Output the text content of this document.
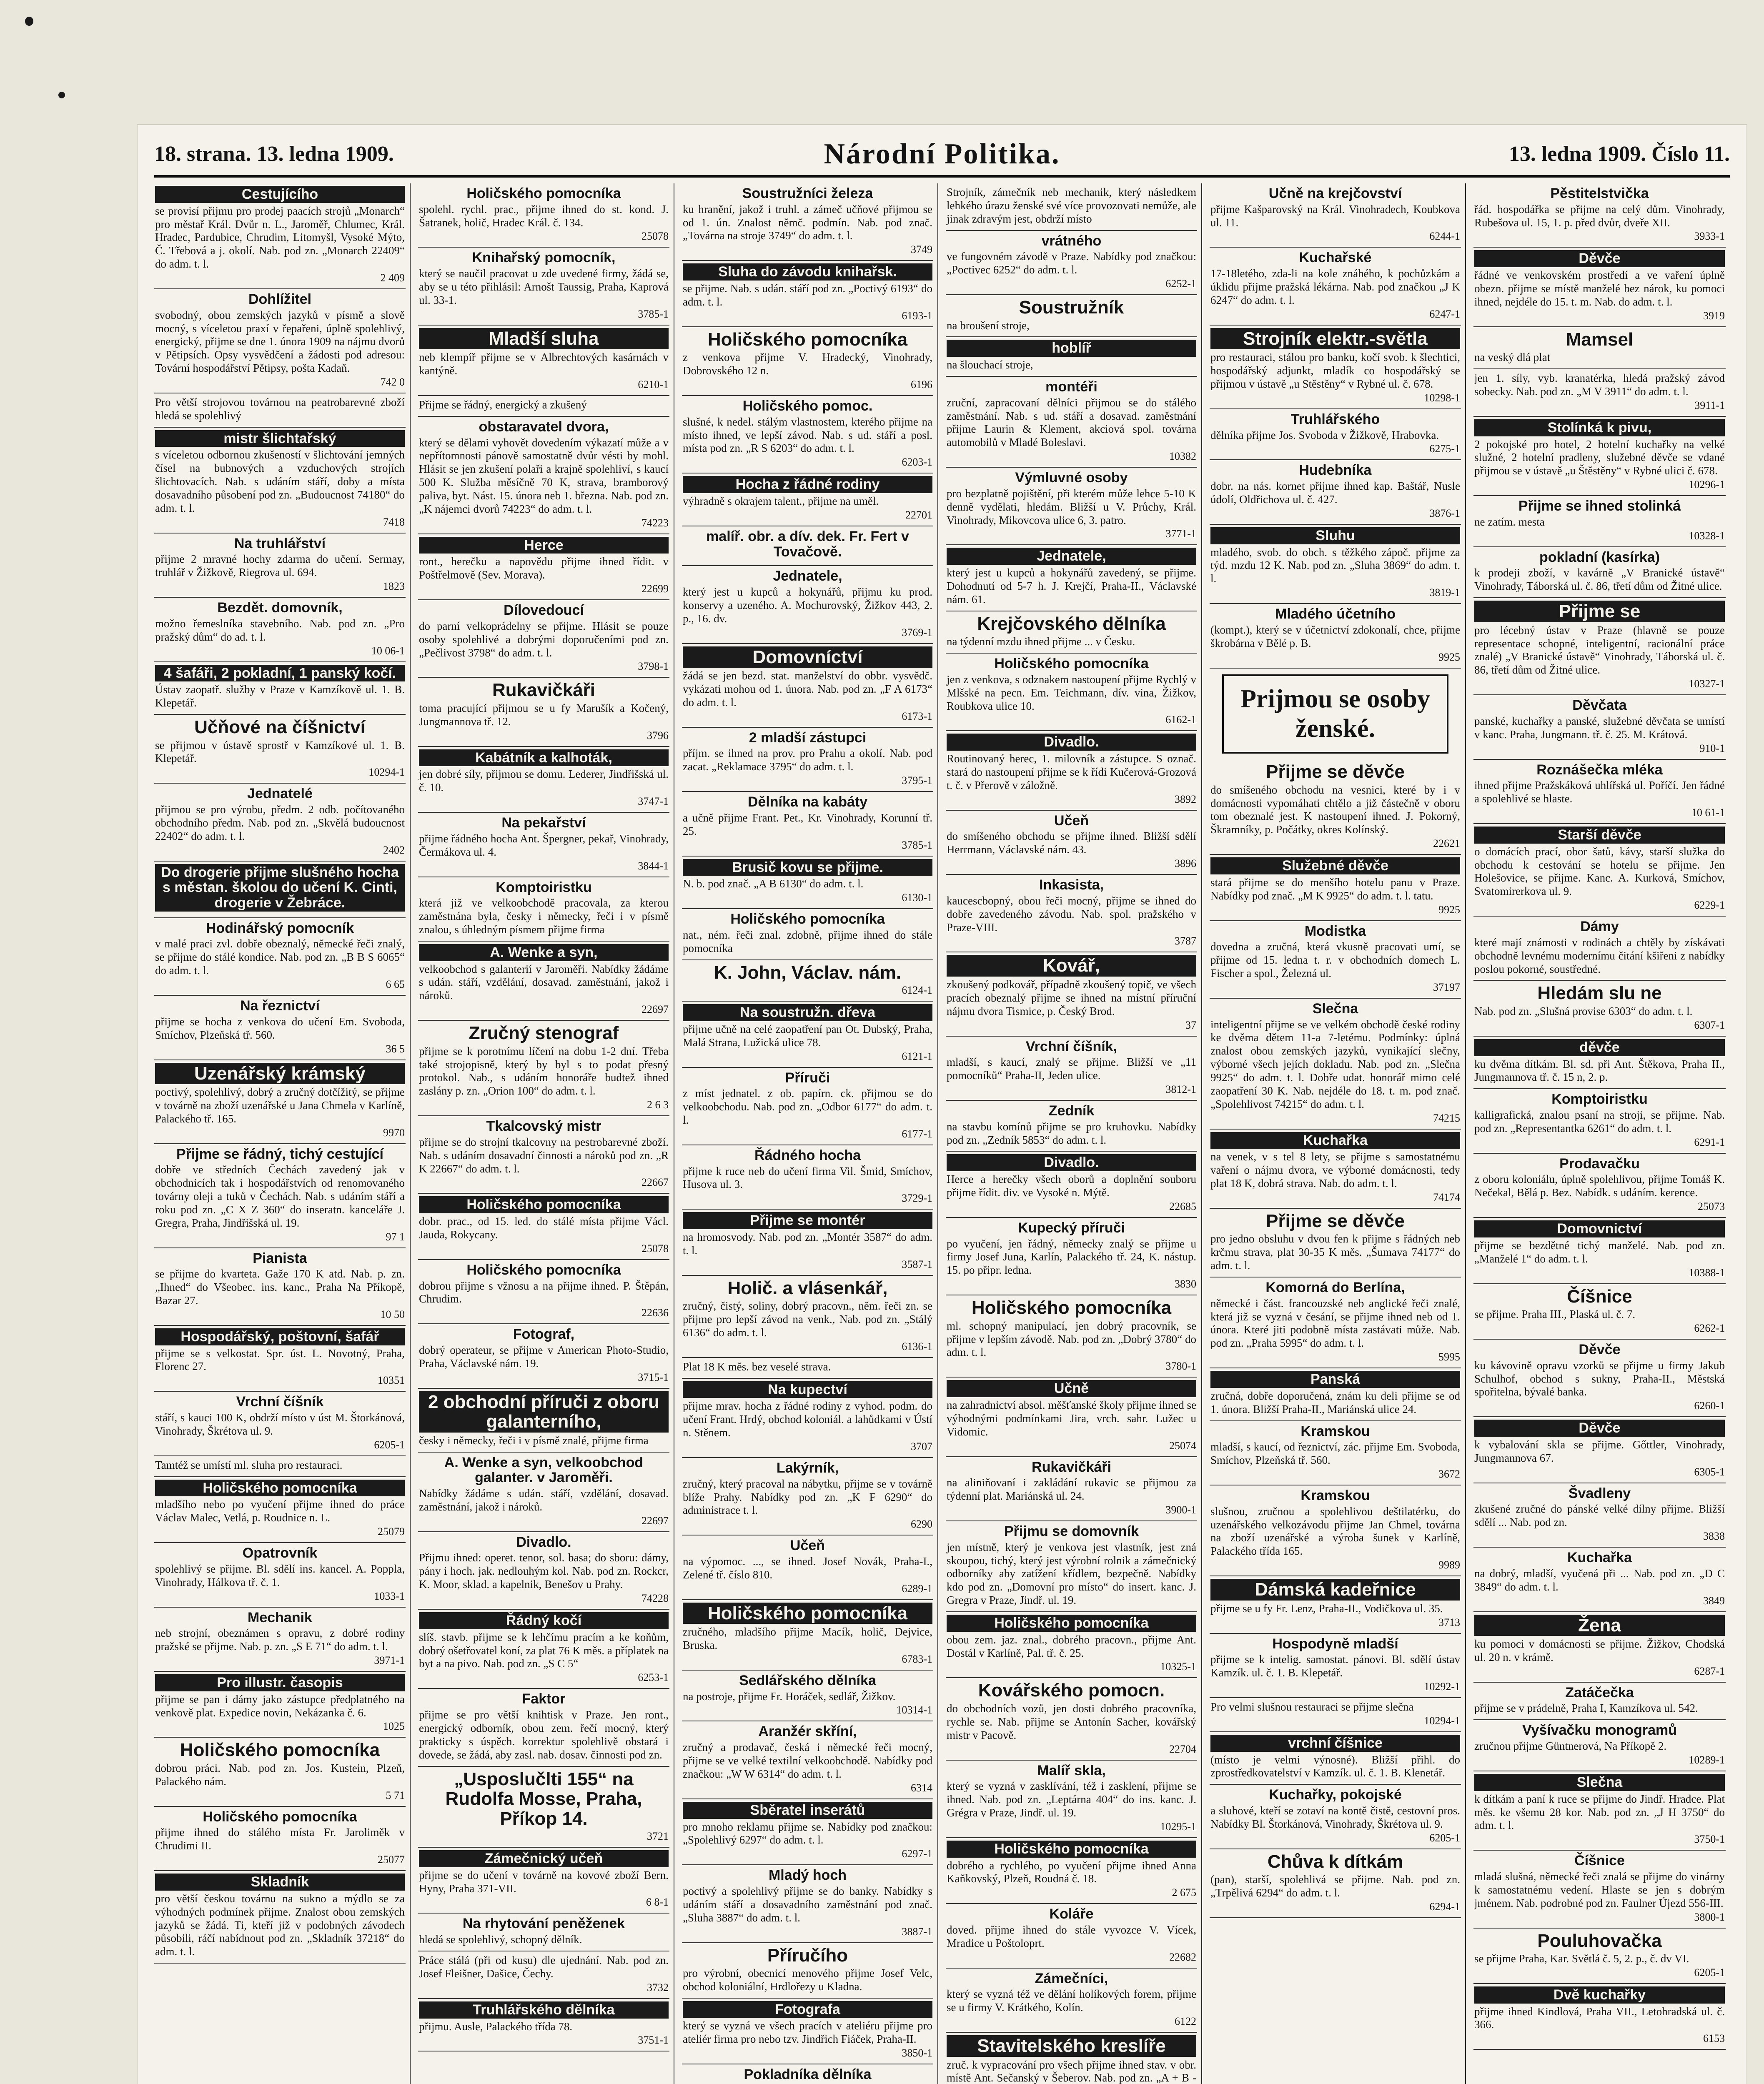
18. strana. 13. ledna 1909.	Národní Politika.	13. ledna 1909. Číslo 11.
Cestujícího
se provisí přijmu pro prodej paacích strojů „Monarch“ pro městař Král. Dvůr n. L., Jaroměř, Chlumec, Král. Hradec, Pardubice, Chrudim, Litomyšl, Vysoké Mýto, Č. Třebová a j. okolí. Nab. pod zn. „Monarch 22409“ do adm. t. l.
2 409
Dohlížitel
svobodný, obou zemských jazyků v písmě a slově mocný, s víceletou praxí v řepařeni, úplně spolehlivý, energický, přijme se dne 1. února 1909 na nájmu dvorů v Pětipsích. Opsy vysvědčení a žádosti pod adresou: Tovární hospodářství Pětipsy, pošta Kadaň.
742 0
Pro větší strojovou továrnou na peatrobarevné zboží hledá se spolehlivý
mistr šlichtařský
s víceletou odbornou zkušeností v šlichtování jemných čísel na bubnových a vzduchových strojích šlichtovacích. Nab. s udáním stáří, doby a místa dosavadního působení pod zn. „Budoucnost 74180“ do adm. t. l.
7418
Na truhlářství
přijme 2 mravné hochy zdarma do učení. Sermay, truhlář v Žižkově, Riegrova ul. 694.
1823
Bezdět. domovník,
možno řemeslníka stavebního. Nab. pod zn. „Pro pražský dům“ do ad. t. l.
10 06-1
4 šafáři, 2 pokladní, 1 panský kočí.
Ústav zaopatř. služby v Praze v Kamzíkově ul. 1. B. Klepetář.
Učňové na číšnictví
se přijmou v ústavě sprostř v Kamzíkové ul. 1. B. Klepetář.
10294-1
Jednatelé
přijmou se pro výrobu, předm. 2 odb. počítovaného obchodního předm. Nab. pod zn. „Skvělá budoucnost 22402“ do adm. t. l.
2402
Do drogerie přijme slušného hocha s městan. školou do učení K. Cinti, drogerie v Žebráce.
Hodinářský pomocník
v malé praci zvl. dobře obeznalý, německé řeči znalý, se přijme do stálé kondice. Nab. pod zn. „B B S 6065“ do adm. t. l.
6 65
Na řeznictví
přijme se hocha z venkova do učení Em. Svoboda, Smíchov, Plzeňská tř. 560.
36 5
Uzenářský krámský
poctivý, spolehlivý, dobrý a zručný dotčížitý, se přijme v továrně na zboží uzenářské u Jana Chmela v Karlíně, Palackého tř. 165.
9970
Přijme se řádný, tichý cestující
dobře ve středních Čechách zavedený jak v obchodnicích tak i hospodářstvích od renomovaného továrny oleji a tuků v Čechách. Nab. s udáním stáří a roku pod zn. „C X Z 360“ do inseratn. kanceláře J. Gregra, Praha, Jindřišská ul. 19.
97 1
Pianista
se přijme do kvarteta. Gaže 170 K atd. Nab. p. zn. „Ihned“ do Všeobec. ins. kanc., Praha Na Příkopě, Bazar 27.
10 50
Hospodářský, poštovní, šafář
přijme se s velkostat. Spr. úst. L. Novotný, Praha, Florenc 27.
10351
Vrchní číšník
stáří, s kauci 100 K, obdrží místo v úst M. Štorkánová, Vinohrady, Škrétova ul. 9.
6205-1
Tamtéž se umístí ml. sluha pro restauraci.
Holičského pomocníka
mladšího nebo po vyučení přijme ihned do práce Václav Malec, Vetlá, p. Roudnice n. L.
25079
Opatrovník
spolehlivý se přijme. Bl. sdělí ins. kancel. A. Poppla, Vinohrady, Hálkova tř. č. 1.
1033-1
Mechanik
neb strojní, obeznámen s opravu, z dobré rodiny pražské se přijme. Nab. p. zn. „S E 71“ do adm. t. l.
3971-1
Pro illustr. časopis
přijme se pan i dámy jako zástupce předplatného na venkově plat. Expedice novin, Nekázanka č. 6.
1025
Holičského pomocníka
dobrou práci. Nab. pod zn. Jos. Kustein, Plzeň, Palackého nám.
5 71
Holičského pomocníka
přijme ihned do stálého místa Fr. Jaroliměk v Chrudimi II.
25077
Skladník
pro větší českou továrnu na sukno a mýdlo se za výhodných podmínek přijme. Znalost obou zemských jazyků se žádá. Ti, kteří již v podobných závodech působili, ráčí nabídnout pod zn. „Skladník 37218“ do adm. t. l.
Holičského pomocníka
spolehl. rychl. prac., přijme ihned do st. kond. J. Šatranek, holič, Hradec Král. č. 134.
25078
Knihařský pomocník,
který se naučil pracovat u zde uvedené firmy, žádá se, aby se u této přihlásil: Arnošt Taussig, Praha, Kaprová ul. 33-1.
3785-1
Mladší sluha
neb klempíř přijme se v Albrechtových kasárnách v kantýně.
6210-1
Přijme se řádný, energický a zkušený
obstaravatel dvora,
který se dělami vyhovět dovedením výkazatí může a v nepřítomnosti pánově samostatně dvůr vésti by mohl. Hlásit se jen zkušení polaři a krajně spolehliví, s kaucí 500 K. Služba měsíčně 70 K, strava, bramborový paliva, byt. Nást. 15. února neb 1. března. Nab. pod zn. „K nájemci dvorů 74223“ do adm. t. l.
74223
Herce
ront., herečku a napovědu přijme ihned řídit. v Poštřelmově (Sev. Morava).
22699
Dílovedoucí
do parní velkoprádelny se přijme. Hlásit se pouze osoby spolehlivé a dobrými doporučeními pod zn. „Pečlivost 3798“ do adm. t. l.
3798-1
Rukavičkáři
toma pracující přijmou se u fy Marušík a Kočený, Jungmannova tř. 12.
3796
Kabátník a kalhoták,
jen dobré síly, přijmou se domu. Lederer, Jindřišská ul. č. 10.
3747-1
Na pekařství
přijme řádného hocha Ant. Špergner, pekař, Vinohrady, Čermákova ul. 4.
3844-1
Komptoiristku
která již ve velkoobchodě pracovala, za kterou zaměstnána byla, česky i německy, řeči i v písmě znalou, s úhledným písmem přijme firma
A. Wenke a syn,
velkoobchod s galanterií v Jaroměři. Nabídky žádáme s udán. stáří, vzdělání, dosavad. zaměstnání, jakož i nároků.
22697
Zručný stenograf
přijme se k porotnímu líčení na dobu 1-2 dní. Třeba také strojopisně, který by byl s to podat přesný protokol. Nab., s udáním honoráře budtež ihned zaslány p. zn. „Orion 100“ do adm. t. l.
2 6 3
Tkalcovský mistr
přijme se do strojní tkalcovny na pestrobarevné zboží. Nab. s udáním dosavadní činnosti a nároků pod zn. „R K 22667“ do adm. t. l.
22667
Holičského pomocníka
dobr. prac., od 15. led. do stálé místa přijme Václ. Jauda, Rokycany.
25078
Holičského pomocníka
dobrou přijme s vžnosu a na přijme ihned. P. Štěpán, Chrudim.
22636
Fotograf,
dobrý operateur, se přijme v American Photo-Studio, Praha, Václavské nám. 19.
3715-1
2 obchodní příruči z oboru galanterního,
česky i německy, řeči i v písmě znalé, přijme firma
A. Wenke a syn, velkoobchod galanter. v Jaroměři.
Nabídky žádáme s udán. stáří, vzdělání, dosavad. zaměstnání, jakož i nároků.
22697
Divadlo.
Přijmu ihned: operet. tenor, sol. basa; do sboru: dámy, pány i hoch. jak. nedlouhým kol. Nab. pod zn. Rockcr, K. Moor, sklad. a kapelnik, Benešov u Prahy.
74228
Řádný kočí
slíš. stavb. přijme se k lehčímu pracím a ke koňům, dobrý ošetřovatel koní, za plat 76 K měs. a příplatek na byt a na pivo. Nab. pod zn. „S C 5“
6253-1
Faktor
přijme se pro větší knihtisk v Praze. Jen ront., energický odborník, obou zem. řečí mocný, který prakticky s úspěch. korrektur spolehlivě obstará i dovede, se žádá, aby zasl. nab. dosav. činnosti pod zn.
„Usposlučlti 155“ na Rudolfa Mosse, Praha, Příkop 14.
3721
Zámečnický učeň
přijme se do učení v továrně na kovové zboží Bern. Hyny, Praha 371-VII.
6 8-1
Na rhytování peněženek
hledá se spolehlivý, schopný dělník.
Práce stálá (při od kusu) dle ujednání. Nab. pod zn. Josef Fleišner, Dašice, Čechy.
3732
Truhlářského dělníka
přijmu. Ausle, Palackého třída 78.
3751-1
Soustružníci železa
ku hranění, jakož i truhl. a zámeč učňové přijmou se od 1. ún. Znalost němč. podmín. Nab. pod znač. „Továrna na stroje 3749“ do adm. t. l.
3749
Sluha do závodu knihařsk.
se přijme. Nab. s udán. stáří pod zn. „Poctivý 6193“ do adm. t. l.
6193-1
Holičského pomocníka
z venkova přijme V. Hradecký, Vinohrady, Dobrovského 12 n.
6196
Holičského pomoc.
slušné, k nedel. stálým vlastnostem, kterého přijme na místo ihned, ve lepší závod. Nab. s ud. stáří a posl. místa pod zn. „R S 6203“ do adm. t. l.
6203-1
Hocha z řádné rodiny
výhradně s okrajem talent., přijme na uměl.
22701
malíř. obr. a dív. dek. Fr. Fert v Tovačově.
Jednatele,
který jest u kupců a hokynářů, přijmu ku prod. konservy a uzeného. A. Mochurovský, Žižkov 443, 2. p., 16. dv.
3769-1
Domovníctví
žádá se jen bezd. stat. manželství do obbr. vysvědč. vykázati mohou od 1. února. Nab. pod zn. „F A 6173“ do adm. t. l.
6173-1
2 mladší zástupci
příjm. se ihned na prov. pro Prahu a okolí. Nab. pod zacat. „Reklamace 3795“ do adm. t. l.
3795-1
Dělníka na kabáty
a učně přijme Frant. Pet., Kr. Vinohrady, Korunní tř. 25.
3785-1
Brusič kovu se přijme.
N. b. pod znač. „A B 6130“ do adm. t. l.
6130-1
Holičského pomocníka
nat., ném. řeči znal. zdobně, přijme ihned do stále pomocníka
K. John, Václav. nám.
6124-1
Na soustružn. dřeva
přijme učně na celé zaopatření pan Ot. Dubský, Praha, Malá Strana, Lužická ulice 78.
6121-1
Příruči
z míst jednatel. z ob. papírn. ck. přijmou se do velkoobchodu. Nab. pod zn. „Odbor 6177“ do adm. t. l.
6177-1
Řádného hocha
přijme k ruce neb do učení firma Vil. Šmid, Smíchov, Husova ul. 3.
3729-1
Přijme se montér
na hromosvody. Nab. pod zn. „Montér 3587“ do adm. t. l.
3587-1
Holič. a vlásenkář,
zručný, čistý, soliny, dobrý pracovn., něm. řeči zn. se přijme pro lepší závod na venk., Nab. pod zn. „Stálý 6136“ do adm. t. l.
6136-1
Plat 18 K měs. bez veselé strava.
Na kupectví
přijme mrav. hocha z řádné rodiny z vyhod. podm. do učení Frant. Hrdý, obchod koloniál. a lahůdkami v Ústí n. Stěnem.
3707
Lakýrník,
zručný, který pracoval na nábytku, přijme se v továrně blíže Prahy. Nabídky pod zn. „K F 6290“ do administrace t. l.
6290
Učeň
na výpomoc. ..., se ihned. Josef Novák, Praha-I., Zelené tř. číslo 810.
6289-1
Holičského pomocníka
zručného, mladšího přijme Macík, holič, Dejvice, Bruska.
6783-1
Sedlářského dělníka
na postroje, přijme Fr. Horáček, sedlář, Žižkov.
10314-1
Aranžér skříní,
zručný a prodavač, česká i německé řeči mocný, přijme se ve velké textilní velkoobchodě. Nabídky pod značkou: „W W 6314“ do adm. t. l.
6314
Sběratel inserátů
pro mnoho reklamu přijme se. Nabídky pod značkou: „Spolehlivý 6297“ do adm. t. l.
6297-1
Mladý hoch
poctivý a spolehlivý přijme se do banky. Nabídky s udáním stáří a dosavadního zaměstnání pod znač. „Sluha 3887“ do adm. t. l.
3887-1
Příručího
pro výrobní, obecnicí menového přijme Josef Velc, obchod koloniální, Hrdlořezy u Kladna.
Fotografa
který se vyzná ve všech pracích v ateliéru přijme pro ateliér firma pro nebo tzv. Jindřich Fiáček, Praha-II.
3850-1
Pokladníka dělníka
Strojník, zámečník neb mechanik, který následkem lehkého úrazu ženské své více provozovati nemůže, ale jinak zdravým jest, obdrží místo
vrátného
ve fungovném závodě v Praze. Nabídky pod značkou: „Poctivec 6252“ do adm. t. l.
6252-1
Soustružník
na broušení stroje,
hoblíř
na šlouchací stroje,
montéři
zruční, zapracovaní dělníci přijmou se do stálého zaměstnání. Nab. s ud. stáří a dosavad. zaměstnání přijme Laurin & Klement, akciová spol. továrna automobilů v Mladé Boleslavi.
10382
Výmluvné osoby
pro bezplatně pojištění, při kterém může lehce 5-10 K denně vydělati, hledám. Bližší u V. Průchy, Král. Vinohrady, Mikovcova ulice 6, 3. patro.
3771-1
Jednatele,
který jest u kupců a hokynářů zavedený, se přijme. Dohodnutí od 5-7 h. J. Krejčí, Praha-II., Václavské nám. 61.
Krejčovského dělníka
na týdenní mzdu ihned přijme ... v Česku.
Holičského pomocníka
jen z venkova, s odznakem nastoupení přijme Rychlý v Mlšské na pecn. Em. Teichmann, dív. vina, Žižkov, Roubkova ulice 10.
6162-1
Divadlo.
Routinovaný herec, 1. milovník a zástupce. S označ. stará do nastoupení přijme se k řídi Kučerová-Grozová t. č. v Přerově v záložně.
3892
Učeň
do smíšeného obchodu se přijme ihned. Bližší sdělí Herrmann, Václavské nám. 43.
3896
Inkasista,
kaucescbopný, obou řeči mocný, přijme se ihned do dobře zavedeného závodu. Nab. spol. pražského v Praze-VIII.
3787
Kovář,
zkoušený podkovář, případně zkoušený topič, ve všech pracích obeznalý přijme se ihned na místní příruční nájmu dvora Tismice, p. Český Brod.
37
Vrchní číšník,
mladší, s kaucí, znalý se přijme. Bližší ve „11 pomocníků“ Praha-II, Jeden ulice.
3812-1
Zedník
na stavbu komínů přijme se pro kruhovku. Nabídky pod zn. „Zedník 5853“ do adm. t. l.
Divadlo.
Herce a herečky všech oborů a doplnění souboru přijme řídit. div. ve Vysoké n. Mýtě.
22685
Kupecký příruči
po vyučení, jen řádný, německy znalý se přijme u firmy Josef Juna, Karlín, Palackého tř. 24, K. nástup. 15. po připr. ledna.
3830
Holičského pomocníka
ml. schopný manipulací, jen dobrý pracovník, se přijme v lepším závodě. Nab. pod zn. „Dobrý 3780“ do adm. t. l.
3780-1
Učně
na zahradnictví absol. měšťanské školy přijme ihned se výhodnými podmínkami Jira, vrch. sahr. Lužec u Vidomic.
25074
Rukavičkáři
na aliniňovaní i zakládání rukavic se přijmou za týdenní plat. Mariánská ul. 24.
3900-1
Přijmu se domovník
jen místně, který je venkova jest vlastník, jest zná skoupou, tichý, který jest výrobní rolnik a zámečnický odborníky aby zatížení křídlem, bezpečně. Nabídky kdo pod zn. „Domovní pro místo“ do insert. kanc. J. Gregra v Praze, Jindř. ul. 19.
Holičského pomocníka
obou zem. jaz. znal., dobrého pracovn., přijme Ant. Dostál v Karlíně, Pal. tř. č. 25.
10325-1
Kovářského pomocn.
do obchodních vozů, jen dosti dobrého pracovníka, rychle se. Nab. přijme se Antonín Sacher, kovářský mistr v Pacově.
22704
Malíř skla,
který se vyzná v zasklívání, též i zasklení, přijme se ihned. Nab. pod zn. „Leptárna 404“ do ins. kanc. J. Grégra v Praze, Jindř. ul. 19.
10295-1
Holičského pomocníka
dobrého a rychlého, po vyučení přijme ihned Anna Kaňkovský, Plzeň, Roudná č. 18.
2 675
Koláře
doved. přijme ihned do stále vyvozce V. Vícek, Mradice u Poštoloprt.
22682
Zámečníci,
který se vyzná též ve dělání holíkových forem, přijme se u firmy V. Krátkého, Kolín.
6122
Stavitelského kreslíře
zruč. k vypracování pro všech přijme ihned stav. v obr. místě Ant. Sečanský v Šeberov. Nab. pod zn. „A + B -
Učně na krejčovství
přijme Kašparovský na Král. Vinohradech, Koubkova ul. 11.
6244-1
Kuchařské
17-18letého, zda-li na kole znáhého, k pochůzkám a úklidu přijme pražská lékárna. Nab. pod značkou „J K 6247“ do adm. t. l.
6247-1
Strojník elektr.-světla
pro restauraci, stálou pro banku, kočí svob. k šlechtici, hospodářský adjunkt, mladík co hospodářský se přijmou v ústavě „u Stěstěny“ v Rybné ul. č. 678.
10298-1
Truhlářského
dělníka přijme Jos. Svoboda v Žižkově, Hrabovka.
6275-1
Hudebníka
dobr. na nás. kornet přijme ihned kap. Baštář, Nusle údolí, Oldřichova ul. č. 427.
3876-1
Sluhu
mladého, svob. do obch. s těžkého zápoč. přijme za týd. mzdu 12 K. Nab. pod zn. „Sluha 3869“ do adm. t. l.
3819-1
Mladého účetního
(kompt.), který se v účetnictví zdokonalí, chce, přijme škrobárna v Bělé p. B.
9925
Prijmou se osoby ženské.
Přijme se děvče
do smíšeného obchodu na vesnici, které by i v domácnosti vypomáhati chtělo a již částečně v oboru tom obeznalé jest. K nastoupení ihned. J. Pokorný, Škramníky, p. Počátky, okres Kolínský.
22621
Služebné děvče
stará přijme se do menšího hotelu panu v Praze. Nabídky pod znač. „M K 9925“ do adm. t. l. tatu.
9925
Modistka
dovedna a zručná, která vkusně pracovati umí, se přijme od 15. ledna t. r. v obchodních domech L. Fischer a spol., Železná ul.
37197
Slečna
inteligentní přijme se ve velkém obchodě české rodiny ke dvěma dětem 11-a 7-letému. Podmínky: úplná znalost obou zemských jazyků, vynikající slečny, výborné všech jejích dokladu. Nab. pod zn. „Slečna 9925“ do adm. t. l. Dobře udat. honorář mimo celé zaopatření 30 K. Nab. nejdéle do 18. t. m. pod znač. „Spolehlivost 74215“ do adm. t. l.
74215
Kuchařka
na venek, v s tel 8 lety, se přijme s samostatnému vaření o nájmu dvora, ve výborné domácnosti, tedy plat 18 K, dobrá strava. Nab. do adm. t. l.
74174
Přijme se děvče
pro jedno obsluhu v dvou fen k přijme s řádných neb krčmu strava, plat 30-35 K měs. „Šumava 74177“ do adm. t. l.
Komorná do Berlína,
německé i část. francouzské neb anglické řeči znalé, která již se vyzná v česání, se přijme ihned neb od 1. února. Které jiti podobně místa zastávati může. Nab. pod zn. „Praha 5995“ do adm. t. l.
5995
Panská
zručná, dobře doporučená, znám ku deli přijme se od 1. února. Bližší Praha-II., Mariánská ulice 24.
Kramskou
mladší, s kaucí, od řeznictví, zác. přijme Em. Svoboda, Smíchov, Plzeňská tř. 560.
3672
Kramskou
slušnou, zručnou a spolehlivou deštilatérku, do uzenářského velkozávodu přijme Jan Chmel, továrna na zboží uzenářské a výroba šunek v Karlíně, Palackého třída 165.
9989
Dámská kadeřnice
přijme se u fy Fr. Lenz, Praha-II., Vodičkova ul. 35.
3713
Hospodyně mladší
přijme se k intelig. samostat. pánovi. Bl. sdělí ústav Kamzík. ul. č. 1. B. Klepetář.
10292-1
Pro velmi slušnou restauraci se přijme slečna
10294-1
vrchní číšnice
(místo je velmi výnosné). Bližší přihl. do zprostředkovatelství v Kamzík. ul. č. 1. B. Klenetář.
Kuchařky, pokojské
a sluhové, kteří se zotaví na kontě čistě, cestovní pros. Nabídky Bl. Štorkánová, Vinohrady, Škrétova ul. 9.
6205-1
Chůva k dítkám
(pan), starší, spolehlivá se přijme. Nab. pod zn. „Trpělivá 6294“ do adm. t. l.
6294-1
Pěstitelstvička
řád. hospodářka se přijme na celý dům. Vinohrady, Rubešova ul. 15, 1. p. před dvůr, dveře XII.
3933-1
Děvče
řádné ve venkovském prostředí a ve vaření úplně obezn. přijme se místě manželé bez nárok, ku pomoci ihned, nejdéle do 15. t. m. Nab. do adm. t. l.
3919
Mamsel
na veský dlá plat
jen 1. síly, vyb. kranatérka, hledá pražský závod sobecky. Nab. pod zn. „M V 3911“ do adm. t. l.
3911-1
Stolínká k pivu,
2 pokojské pro hotel, 2 hotelní kuchařky na velké služné, 2 hotelní pradleny, služebné děvče se vdané přijmou se v ústavě „u Štěstěny“ v Rybné ulici č. 678.
10296-1
Přijme se ihned stolinká
ne zatím. mesta
10328-1
pokladní (kasírka)
k prodeji zboží, v kavárně „V Branické ústavě“ Vinohrady, Táborská ul. č. 86, třetí dům od Žitné ulice.
Přijme se
pro lécebný ústav v Praze (hlavně se pouze representace schopné, inteligentní, racionální práce znalé) „V Branické ústavě“ Vinohrady, Táborská ul. č. 86, třetí dům od Žitné ulice.
10327-1
Děvčata
panské, kuchařky a panské, služebné děvčata se umístí v kanc. Praha, Jungmann. tř. č. 25. M. Krátová.
910-1
Roznášečka mléka
ihned přijme Pražskáková uhlířská ul. Poříčí. Jen řádné a spolehlivé se hlaste.
10 61-1
Starší děvče
o domácích prací, obor šatů, kávy, starší služka do obchodu k cestování se hotelu se přijme. Jen Holešovice, se přijme. Kanc. A. Kurková, Smíchov, Svatomirerkova ul. 9.
6229-1
Dámy
které mají známosti v rodinách a chtěly by získávati obchodně levnému modernímu čitání kšiřeni z nabídky poslou pokorné, soustředné.
Hledám slu ne
Nab. pod zn. „Slušná provise 6303“ do adm. t. l.
6307-1
děvče
ku dvěma dítkám. Bl. sd. při Ant. Štěkova, Praha II., Jungmannova tř. č. 15 n, 2. p.
Komptoiristku
kalligrafická, znalou psaní na stroji, se přijme. Nab. pod zn. „Representantka 6261“ do adm. t. l.
6291-1
Prodavačku
z oboru koloniálu, úplně spolehlivou, přijme Tomáš K. Nečekal, Bělá p. Bez. Nabídk. s udáním. kerence.
25073
Domovnictví
přijme se bezdětné tichý manželé. Nab. pod zn. „Manželé 1“ do adm. t. l.
10388-1
Číšnice
se přijme. Praha III., Plaská ul. č. 7.
6262-1
Děvče
ku kávovině opravu vzorků se přijme u firmy Jakub Schulhof, obchod s sukny, Praha-II., Městská spořitelna, bývalé banka.
6260-1
Děvče
k vybalování skla se přijme. Gőttler, Vinohrady, Jungmannova 67.
6305-1
Švadleny
zkušené zručné do pánské velké dílny přijme. Bližší sdělí ... Nab. pod zn.
3838
Kuchařka
na dobrý, mladší, vyučená při ... Nab. pod zn. „D C 3849“ do adm. t. l.
3849
Žena
ku pomoci v domácnosti se přijme. Žižkov, Chodská ul. 20 n. v krámě.
6287-1
Zatáčečka
přijme se v prádelně, Praha I, Kamzíkova ul. 542.
Vyšívačku monogramů
zručnou přijme Güntnerová, Na Příkopě 2.
10289-1
Slečna
k dítkám a paní k ruce se přijme do Jindř. Hradce. Plat měs. ke všemu 28 kor. Nab. pod zn. „J H 3750“ do adm. t. l.
3750-1
Číšnice
mladá slušná, německé řeči znalá se přijme do vinárny k samostatnému vedení. Hlaste se jen s dobrým jménem. Nab. podrobné pod zn. Faulner Újezd 556-III.
3800-1
Pouluhovačka
se přijme Praha, Kar. Světlá č. 5, 2. p., č. dv VI.
6205-1
Dvě kuchařky
přijme ihned Kindlová, Praha VII., Letohradská ul. č. 366.
6153
